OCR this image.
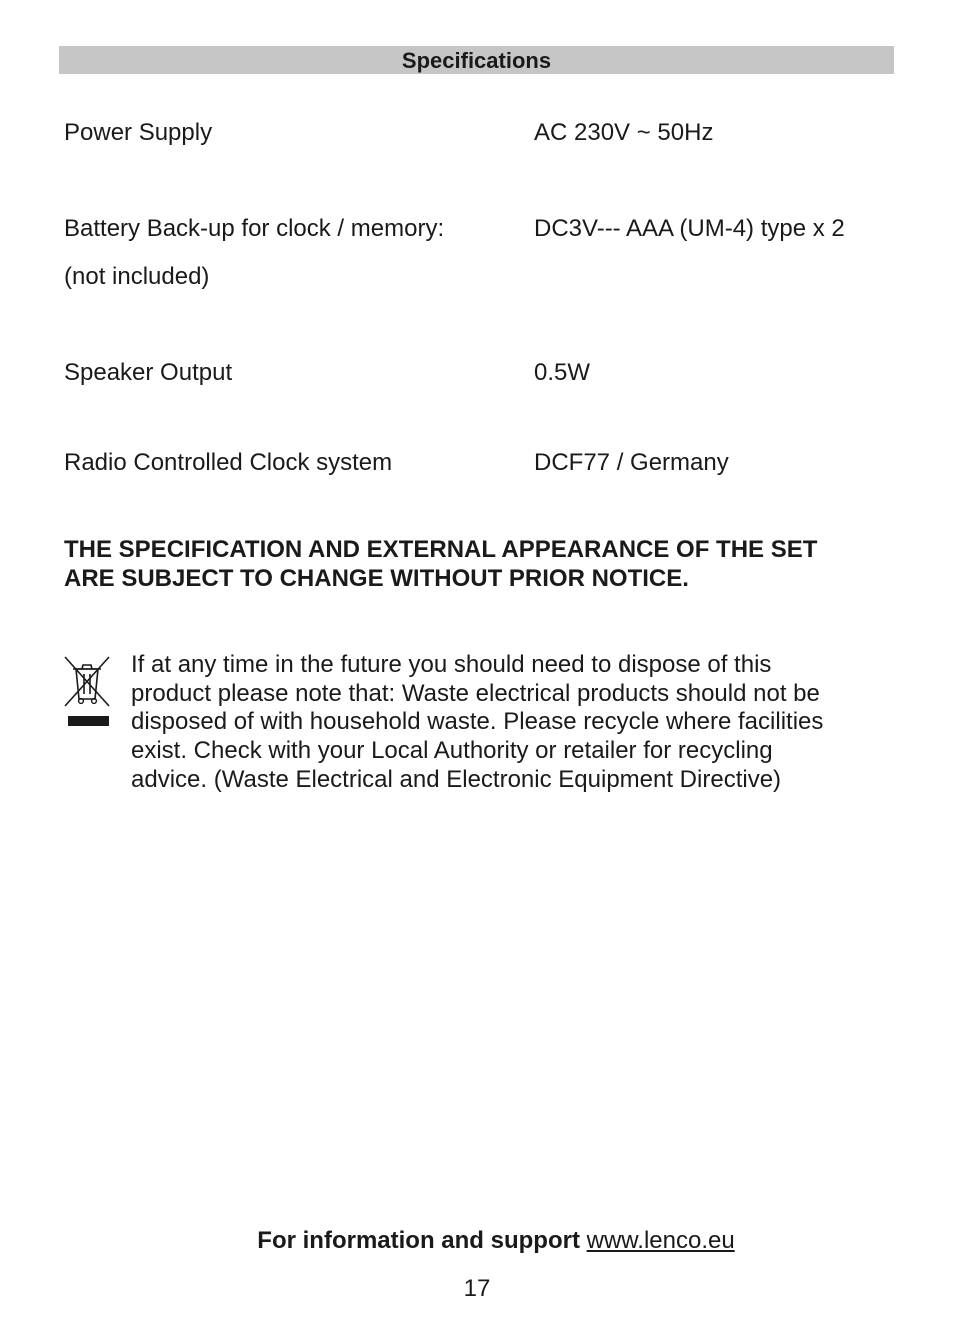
Specifications
Power Supply	AC 230V ~ 50Hz
Battery Back-up for clock / memory:	DC3V--- AAA (UM-4) type x 2
(not included)
Speaker Output	0.5W
Radio Controlled Clock system	DCF77 / Germany
THE SPECIFICATION AND EXTERNAL APPEARANCE OF THE SET
ARE SUBJECT TO CHANGE WITHOUT PRIOR NOTICE.
If at any time in the future you should need to dispose of this
product please note that: Waste electrical products should not be
disposed of with household waste. Please recycle where facilities
exist. Check with your Local Authority or retailer for recycling
advice. (Waste Electrical and Electronic Equipment Directive)
For information and support www.lenco.eu
17
